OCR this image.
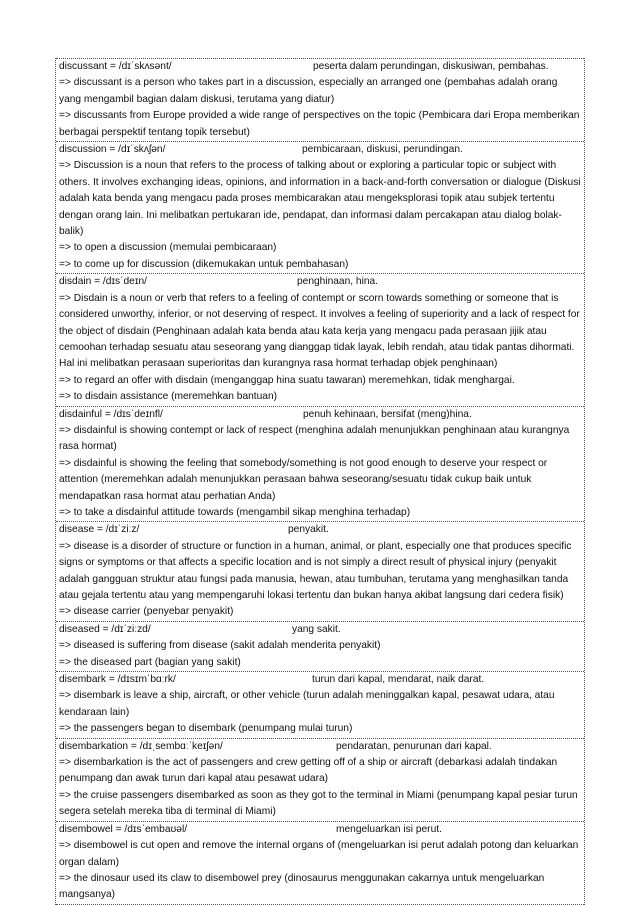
discussant = /dɪˈskʌsənt/	peserta dalam perundingan, diskusiwan, pembahas.
=> discussant is a person who takes part in a discussion, especially an arranged one (pembahas adalah orang yang mengambil bagian dalam diskusi, terutama yang diatur)
=> discussants from Europe provided a wide range of perspectives on the topic (Pembicara dari Eropa memberikan berbagai perspektif tentang topik tersebut)
discussion = /dɪˈskʌʃən/	pembicaraan, diskusi, perundingan.
=> Discussion is a noun that refers to the process of talking about or exploring a particular topic or subject with others. It involves exchanging ideas, opinions, and information in a back-and-forth conversation or dialogue (Diskusi adalah kata benda yang mengacu pada proses membicarakan atau mengeksplorasi topik atau subjek tertentu dengan orang lain. Ini melibatkan pertukaran ide, pendapat, dan informasi dalam percakapan atau dialog bolak-balik)
=> to open a discussion (memulai pembicaraan)
=> to come up for discussion (dikemukakan untuk pembahasan)
disdain = /dɪsˈdeɪn/	penghinaan, hina.
=> Disdain is a noun or verb that refers to a feeling of contempt or scorn towards something or someone that is considered unworthy, inferior, or not deserving of respect. It involves a feeling of superiority and a lack of respect for the object of disdain (Penghinaan adalah kata benda atau kata kerja yang mengacu pada perasaan jijik atau cemoohan terhadap sesuatu atau seseorang yang dianggap tidak layak, lebih rendah, atau tidak pantas dihormati. Hal ini melibatkan perasaan superioritas dan kurangnya rasa hormat terhadap objek penghinaan)
=> to regard an offer with disdain (menganggap hina suatu tawaran) meremehkan, tidak menghargai.
=> to disdain assistance (meremehkan bantuan)
disdainful = /dɪsˈdeɪnfl/	penuh kehinaan, bersifat (meng)hina.
=> disdainful is showing contempt or lack of respect (menghina adalah menunjukkan penghinaan atau kurangnya rasa hormat)
=> disdainful is showing the feeling that somebody/something is not good enough to deserve your respect or attention (meremehkan adalah menunjukkan perasaan bahwa seseorang/sesuatu tidak cukup baik untuk mendapatkan rasa hormat atau perhatian Anda)
=> to take a disdainful attitude towards (mengambil sikap menghina terhadap)
disease = /dɪˈziːz/	penyakit.
=> disease is a disorder of structure or function in a human, animal, or plant, especially one that produces specific signs or symptoms or that affects a specific location and is not simply a direct result of physical injury (penyakit adalah gangguan struktur atau fungsi pada manusia, hewan, atau tumbuhan, terutama yang menghasilkan tanda atau gejala tertentu atau yang mempengaruhi lokasi tertentu dan bukan hanya akibat langsung dari cedera fisik)
=> disease carrier (penyebar penyakit)
diseased = /dɪˈziːzd/	yang sakit.
=> diseased is suffering from disease (sakit adalah menderita penyakit)
=> the diseased part (bagian yang sakit)
disembark = /dɪsɪmˈbɑːrk/	turun dari kapal, mendarat, naik darat.
=> disembark is leave a ship, aircraft, or other vehicle (turun adalah meninggalkan kapal, pesawat udara, atau kendaraan lain)
=> the passengers began to disembark (penumpang mulai turun)
disembarkation = /dɪˌsembɑːˈkeɪʃən/	pendaratan, penurunan dari kapal.
=> disembarkation is the act of passengers and crew getting off of a ship or aircraft (debarkasi adalah tindakan penumpang dan awak turun dari kapal atau pesawat udara)
=> the cruise passengers disembarked as soon as they got to the terminal in Miami (penumpang kapal pesiar turun segera setelah mereka tiba di terminal di Miami)
disembowel = /dɪsˈembaʊəl/	mengeluarkan isi perut.
=> disembowel is cut open and remove the internal organs of (mengeluarkan isi perut adalah potong dan keluarkan organ dalam)
=> the dinosaur used its claw to disembowel prey (dinosaurus menggunakan cakarnya untuk mengeluarkan mangsanya)
